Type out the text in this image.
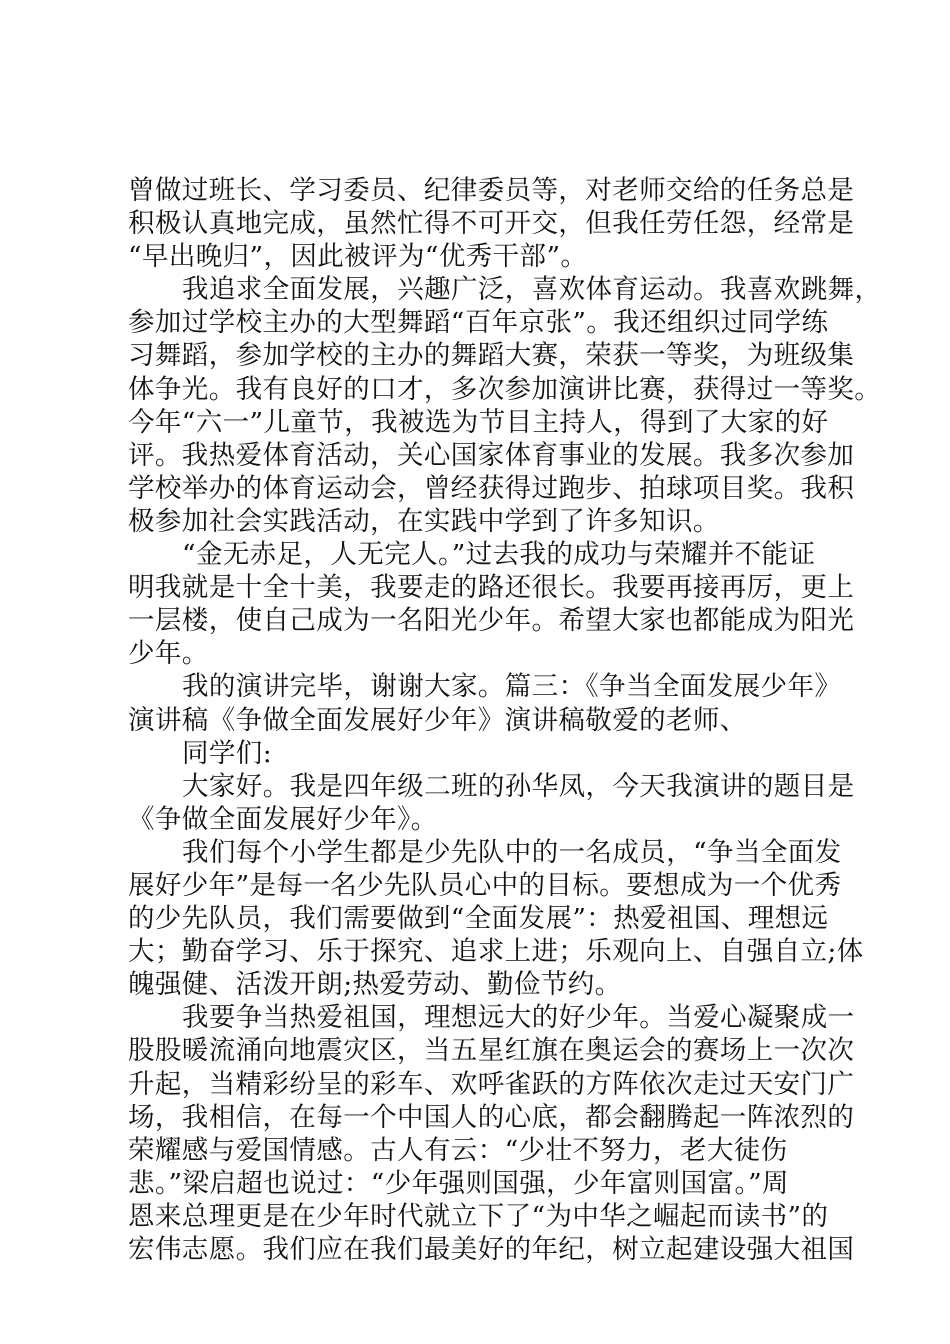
曾做过班长、学习委员、纪律委员等，对老师交给的任务总是
积极认真地完成，虽然忙得不可开交，但我任劳任怨，经常是
“早出晚归”，因此被评为“优秀干部”。
我追求全面发展，兴趣广泛，喜欢体育运动。我喜欢跳舞，
参加过学校主办的大型舞蹈“百年京张”。我还组织过同学练
习舞蹈，参加学校的主办的舞蹈大赛，荣获一等奖，为班级集
体争光。我有良好的口才，多次参加演讲比赛，获得过一等奖。
今年“六一”儿童节，我被选为节目主持人，得到了大家的好
评。我热爱体育活动，关心国家体育事业的发展。我多次参加
学校举办的体育运动会，曾经获得过跑步、拍球项目奖。我积
极参加社会实践活动，在实践中学到了许多知识。
“金无赤足，人无完人。”过去我的成功与荣耀并不能证
明我就是十全十美，我要走的路还很长。我要再接再厉，更上
一层楼，使自己成为一名阳光少年。希望大家也都能成为阳光
少年。
我的演讲完毕，谢谢大家。篇三：《争当全面发展少年》
演讲稿《争做全面发展好少年》演讲稿敬爱的老师、
同学们:
大家好。我是四年级二班的孙华凤，今天我演讲的题目是
《争做全面发展好少年》。
我们每个小学生都是少先队中的一名成员，“争当全面发
展好少年”是每一名少先队员心中的目标。要想成为一个优秀
的少先队员，我们需要做到“全面发展”：热爱祖国、理想远
大；勤奋学习、乐于探究、追求上进；乐观向上、自强自立;体
魄强健、活泼开朗;热爱劳动、勤俭节约。
我要争当热爱祖国，理想远大的好少年。当爱心凝聚成一
股股暖流涌向地震灾区，当五星红旗在奥运会的赛场上一次次
升起，当精彩纷呈的彩车、欢呼雀跃的方阵依次走过天安门广
场，我相信，在每一个中国人的心底，都会翻腾起一阵浓烈的
荣耀感与爱国情感。古人有云：“少壮不努力，老大徒伤
悲。”梁启超也说过：“少年强则国强，少年富则国富。”周
恩来总理更是在少年时代就立下了“为中华之崛起而读书”的
宏伟志愿。我们应在我们最美好的年纪，树立起建设强大祖国
